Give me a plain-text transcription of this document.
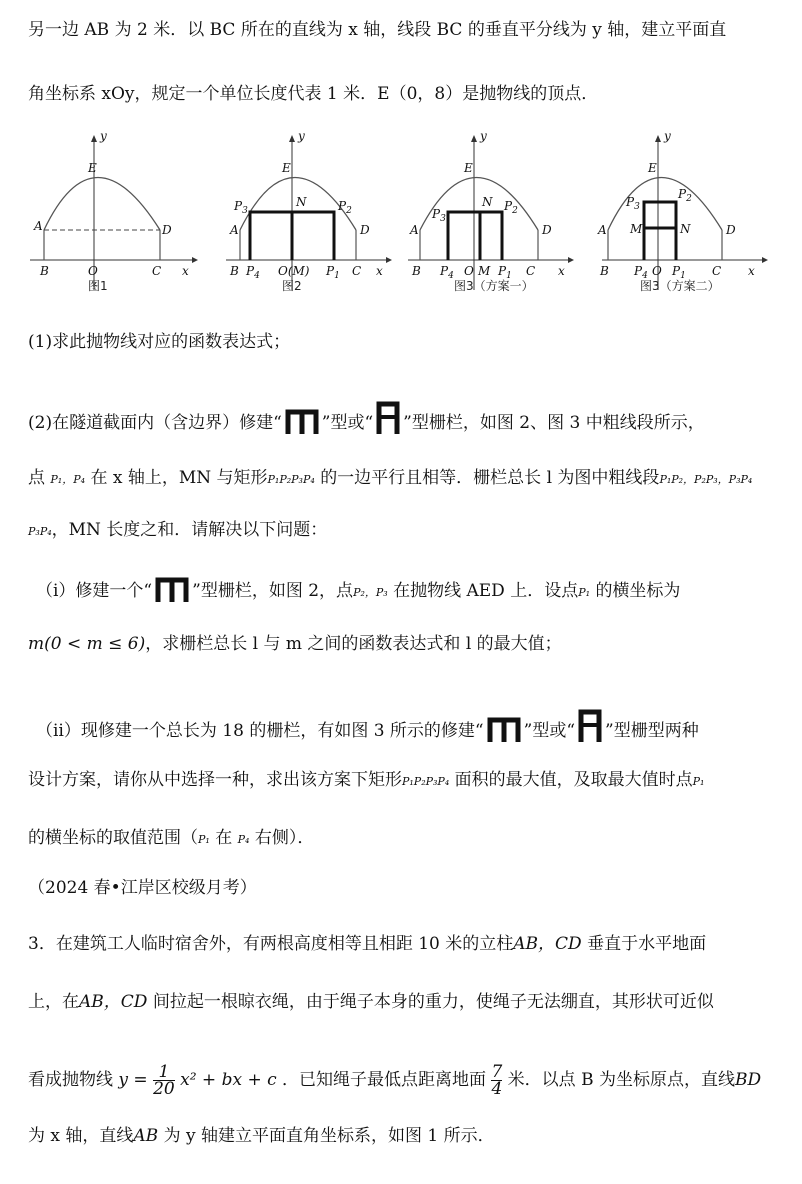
另一边 AB 为 2 米．以 BC 所在的直线为 x 轴，线段 BC 的垂直平分线为 y 轴，建立平面直
角坐标系 xOy，规定一个单位长度代表 1 米．E（0，8）是抛物线的顶点．
y
E
A	D
B	C
O	x
图1
y
E
N
$P_3$	$P_2$
A	D
B $P_4$ O(M) $P_1$ C x
图2
y
E
N
$P_3$
$P_2$
A	D
B $P_4$ O M $P_1$ C x
图3（方案一）
y
E
$P_3$
$P_2$
M	N
A	D
B $P_4$ O $P_1$ C x
图3（方案二）
(1)求此抛物线对应的函数表达式；
(2)在隧道截面内（含边界）修建“ ”型或“ ”型栅栏，如图 2、图 3 中粗线段所示，
点 P₁，P₄ 在 x 轴上，MN 与矩形P₁P₂P₃P₄ 的一边平行且相等．栅栏总长 l 为图中粗线段P₁P₂，P₂P₃，P₃P₄
P₃P₄，MN 长度之和．请解决以下问题：
（ⅰ）修建一个“ ”型栅栏，如图 2，点P₂，P₃ 在抛物线 AED 上．设点P₁ 的横坐标为
m(0 < m ≤ 6)，求栅栏总长 l 与 m 之间的函数表达式和 l 的最大值；
（ⅱ）现修建一个总长为 18 的栅栏，有如图 3 所示的修建“ ”型或“ ”型栅型两种
设计方案，请你从中选择一种，求出该方案下矩形P₁P₂P₃P₄ 面积的最大值，及取最大值时点P₁
的横坐标的取值范围（P₁ 在 P₄ 右侧）．
（2024 春•江岸区校级月考）
3．在建筑工人临时宿舍外，有两根高度相等且相距 10 米的立柱AB，CD 垂直于水平地面
上，在AB，CD 间拉起一根晾衣绳，由于绳子本身的重力，使绳子无法绷直，其形状可近似
看成抛物线 $y = \frac{1}{20} x^2$ + bx + c ．已知绳子最低点距离地面 $\frac{7}{4}$ 米．以点 B 为坐标原点，直线BD
为 x 轴，直线AB 为 y 轴建立平面直角坐标系，如图 1 所示．
